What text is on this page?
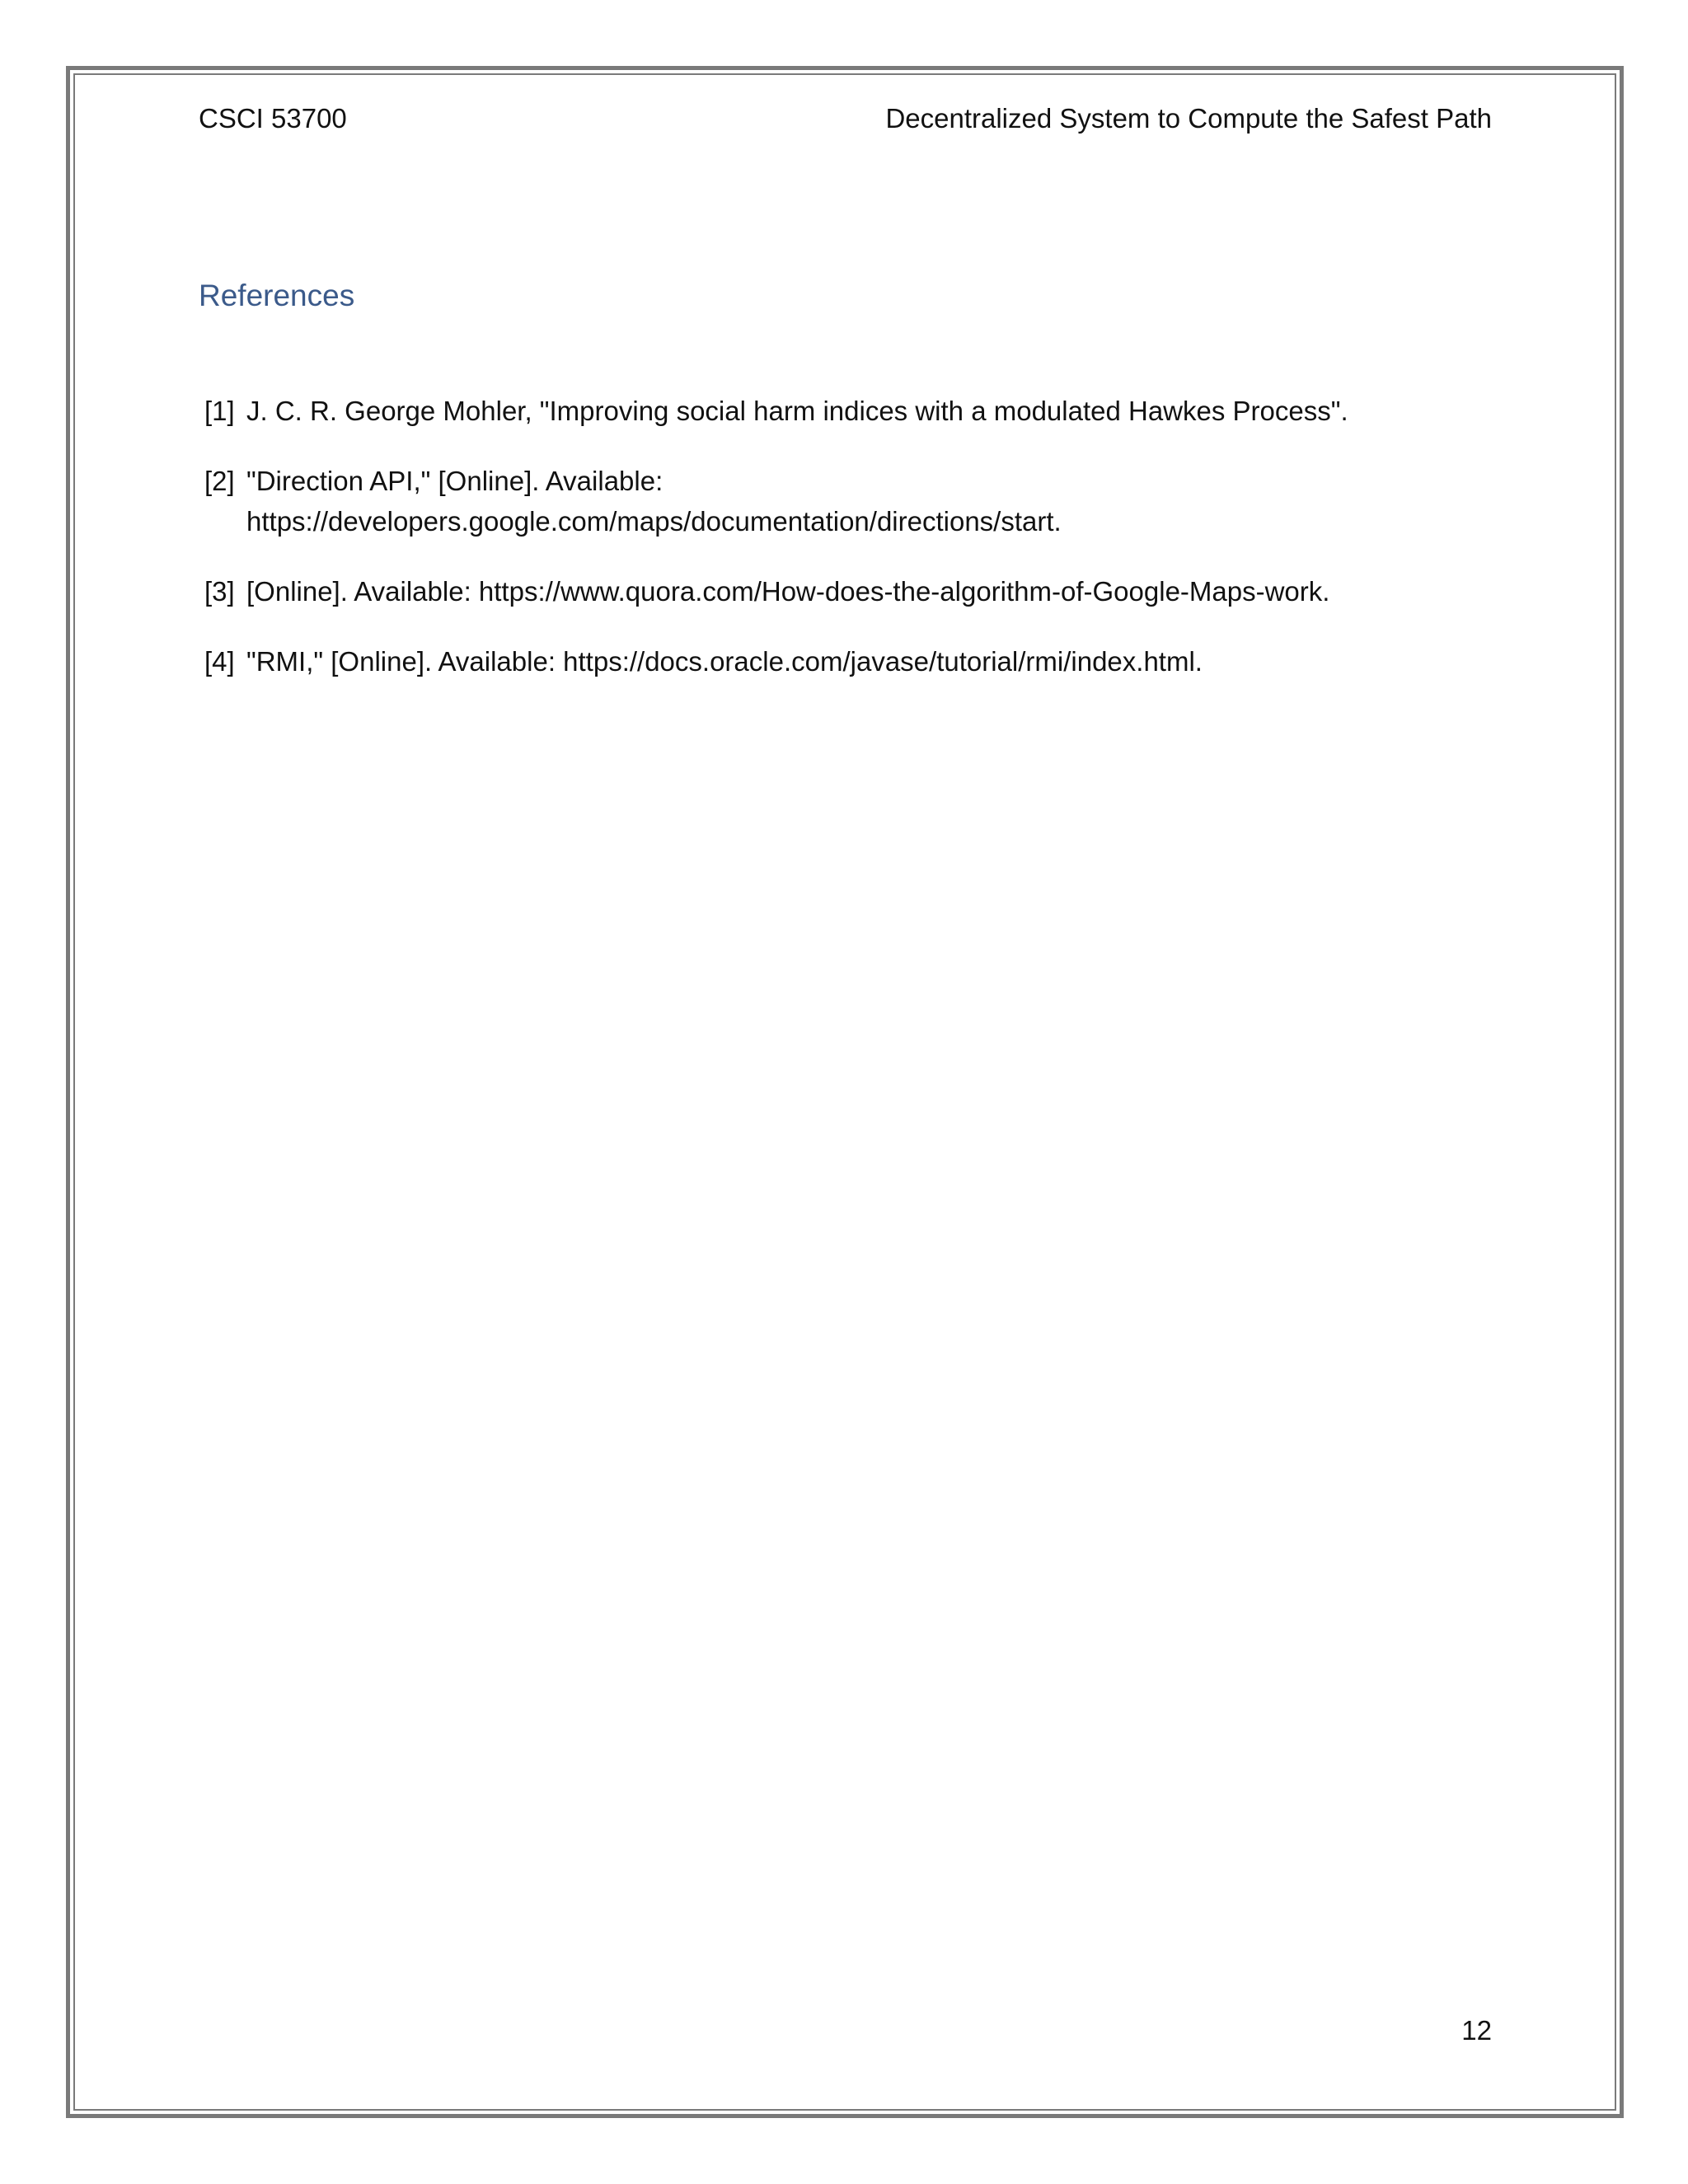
CSCI 53700	Decentralized System to Compute the Safest Path
References
[1] J. C. R. George Mohler, "Improving social harm indices with a modulated Hawkes Process".
[2] "Direction API," [Online]. Available:
https://developers.google.com/maps/documentation/directions/start.
[3] [Online]. Available: https://www.quora.com/How-does-the-algorithm-of-Google-Maps-work.
[4] "RMI," [Online]. Available: https://docs.oracle.com/javase/tutorial/rmi/index.html.
12
